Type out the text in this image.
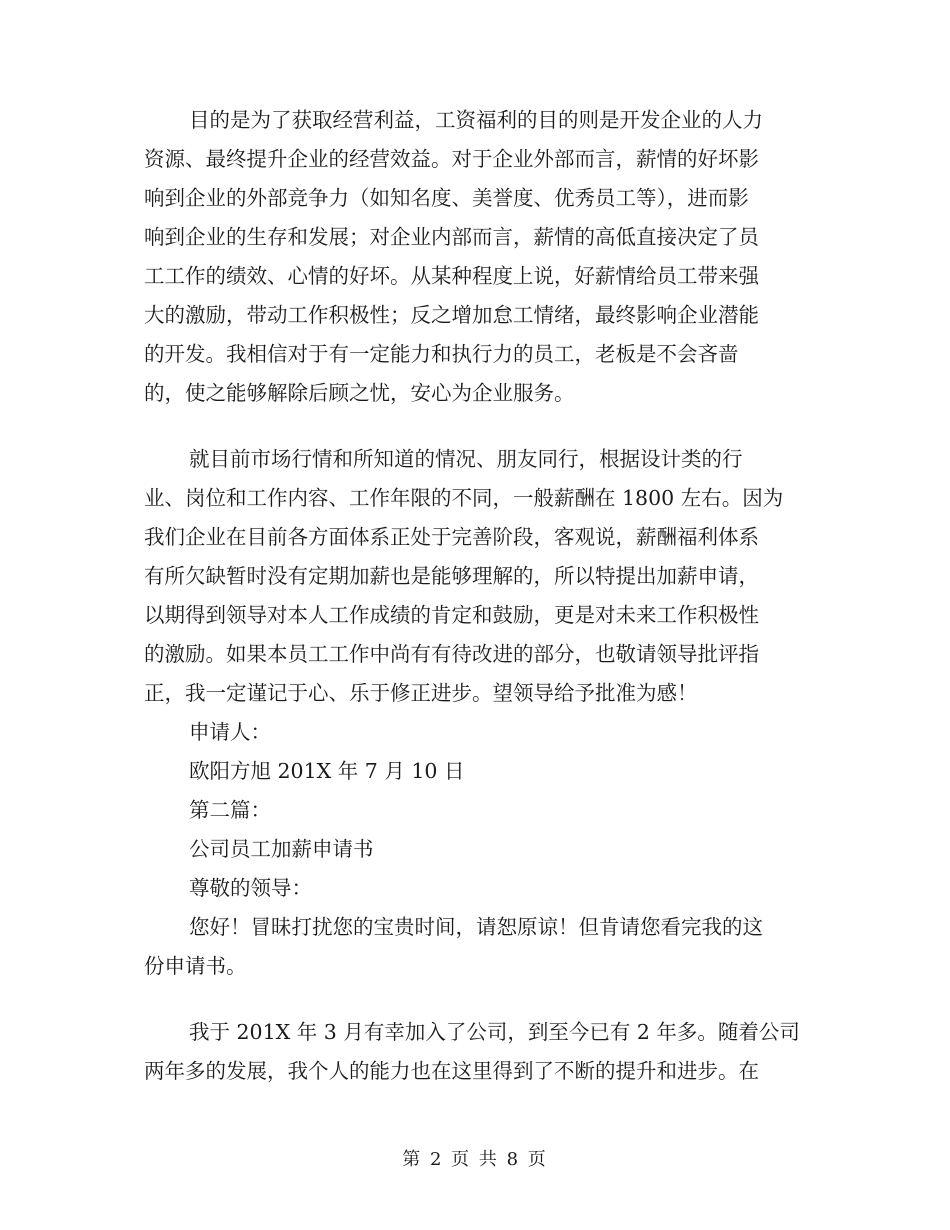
目的是为了获取经营利益，工资福利的目的则是开发企业的人力
资源、最终提升企业的经营效益。对于企业外部而言，薪情的好坏影
响到企业的外部竞争力（如知名度、美誉度、优秀员工等），进而影
响到企业的生存和发展；对企业内部而言，薪情的高低直接决定了员
工工作的绩效、心情的好坏。从某种程度上说，好薪情给员工带来强
大的激励，带动工作积极性；反之增加怠工情绪，最终影响企业潜能
的开发。我相信对于有一定能力和执行力的员工，老板是不会吝啬
的，使之能够解除后顾之忧，安心为企业服务。
就目前市场行情和所知道的情况、朋友同行，根据设计类的行
业、岗位和工作内容、工作年限的不同，一般薪酬在 1800 左右。因为
我们企业在目前各方面体系正处于完善阶段，客观说，薪酬福利体系
有所欠缺暂时没有定期加薪也是能够理解的，所以特提出加薪申请，
以期得到领导对本人工作成绩的肯定和鼓励，更是对未来工作积极性
的激励。如果本员工工作中尚有有待改进的部分，也敬请领导批评指
正，我一定谨记于心、乐于修正进步。望领导给予批准为感！
申请人：
欧阳方旭 201X 年 7 月 10 日
第二篇：
公司员工加薪申请书
尊敬的领导：
您好！冒昧打扰您的宝贵时间，请恕原谅！但肯请您看完我的这
份申请书。
我于 201X 年 3 月有幸加入了公司，到至今已有 2 年多。随着公司
两年多的发展，我个人的能力也在这里得到了不断的提升和进步。在
第 2 页 共 8 页
